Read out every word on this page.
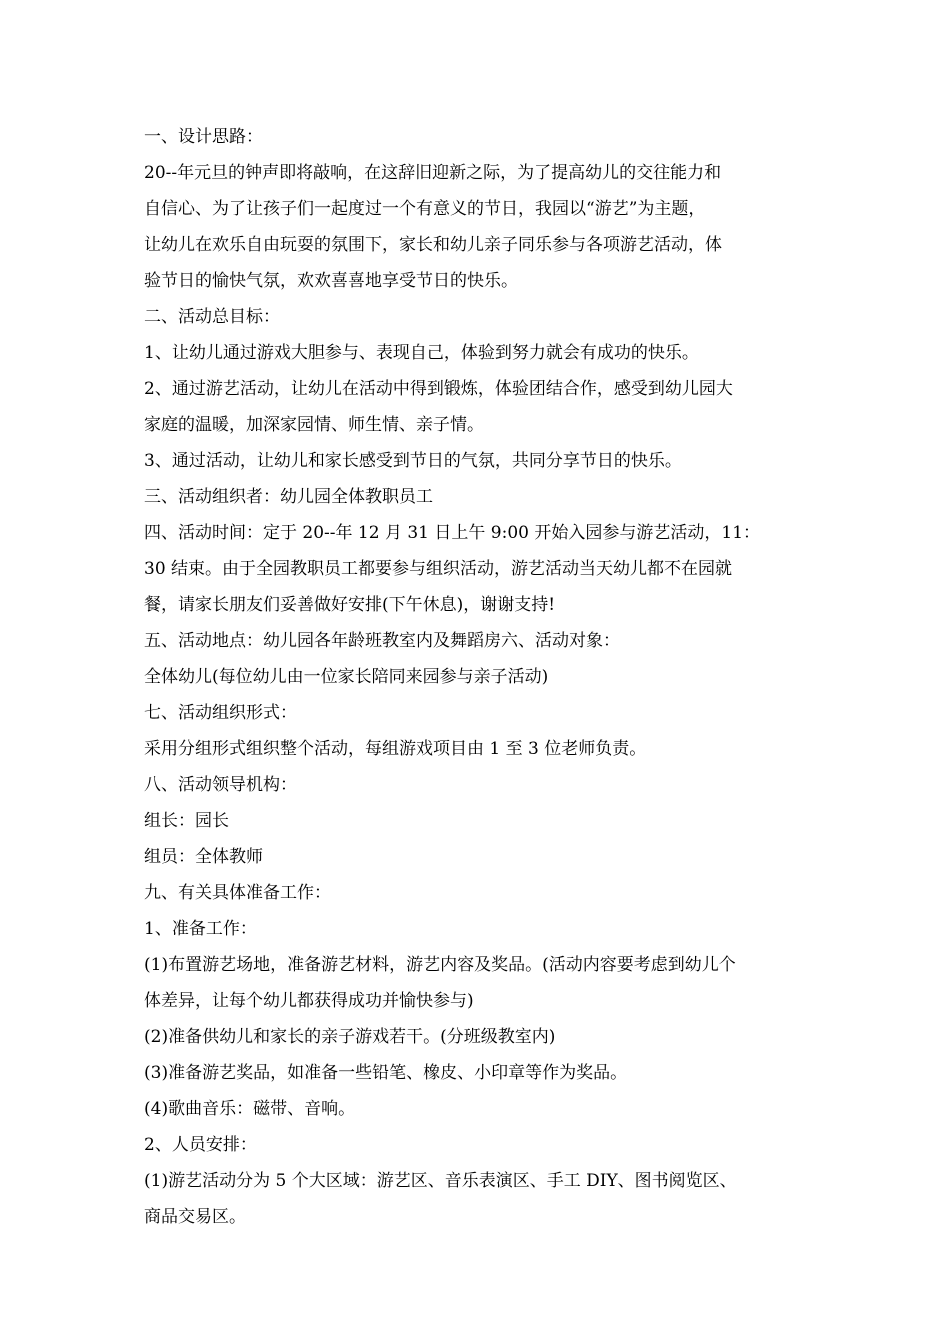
一、设计思路：
20--年元旦的钟声即将敲响，在这辞旧迎新之际，为了提高幼儿的交往能力和
自信心、为了让孩子们一起度过一个有意义的节日，我园以“游艺”为主题，
让幼儿在欢乐自由玩耍的氛围下，家长和幼儿亲子同乐参与各项游艺活动，体
验节日的愉快气氛，欢欢喜喜地享受节日的快乐。
二、活动总目标：
1、让幼儿通过游戏大胆参与、表现自己，体验到努力就会有成功的快乐。
2、通过游艺活动，让幼儿在活动中得到锻炼，体验团结合作，感受到幼儿园大
家庭的温暖，加深家园情、师生情、亲子情。
3、通过活动，让幼儿和家长感受到节日的气氛，共同分享节日的快乐。
三、活动组织者：幼儿园全体教职员工
四、活动时间：定于 20--年 12 月 31 日上午 9:00 开始入园参与游艺活动，11：
30 结束。由于全园教职员工都要参与组织活动，游艺活动当天幼儿都不在园就
餐，请家长朋友们妥善做好安排(下午休息)，谢谢支持!
五、活动地点：幼儿园各年龄班教室内及舞蹈房六、活动对象：
全体幼儿(每位幼儿由一位家长陪同来园参与亲子活动)
七、活动组织形式：
采用分组形式组织整个活动，每组游戏项目由 1 至 3 位老师负责。
八、活动领导机构：
组长：园长
组员：全体教师
九、有关具体准备工作：
1、准备工作：
(1)布置游艺场地，准备游艺材料，游艺内容及奖品。(活动内容要考虑到幼儿个
体差异，让每个幼儿都获得成功并愉快参与)
(2)准备供幼儿和家长的亲子游戏若干。(分班级教室内)
(3)准备游艺奖品，如准备一些铅笔、橡皮、小印章等作为奖品。
(4)歌曲音乐：磁带、音响。
2、人员安排：
(1)游艺活动分为 5 个大区域：游艺区、音乐表演区、手工 DIY、图书阅览区、
商品交易区。
